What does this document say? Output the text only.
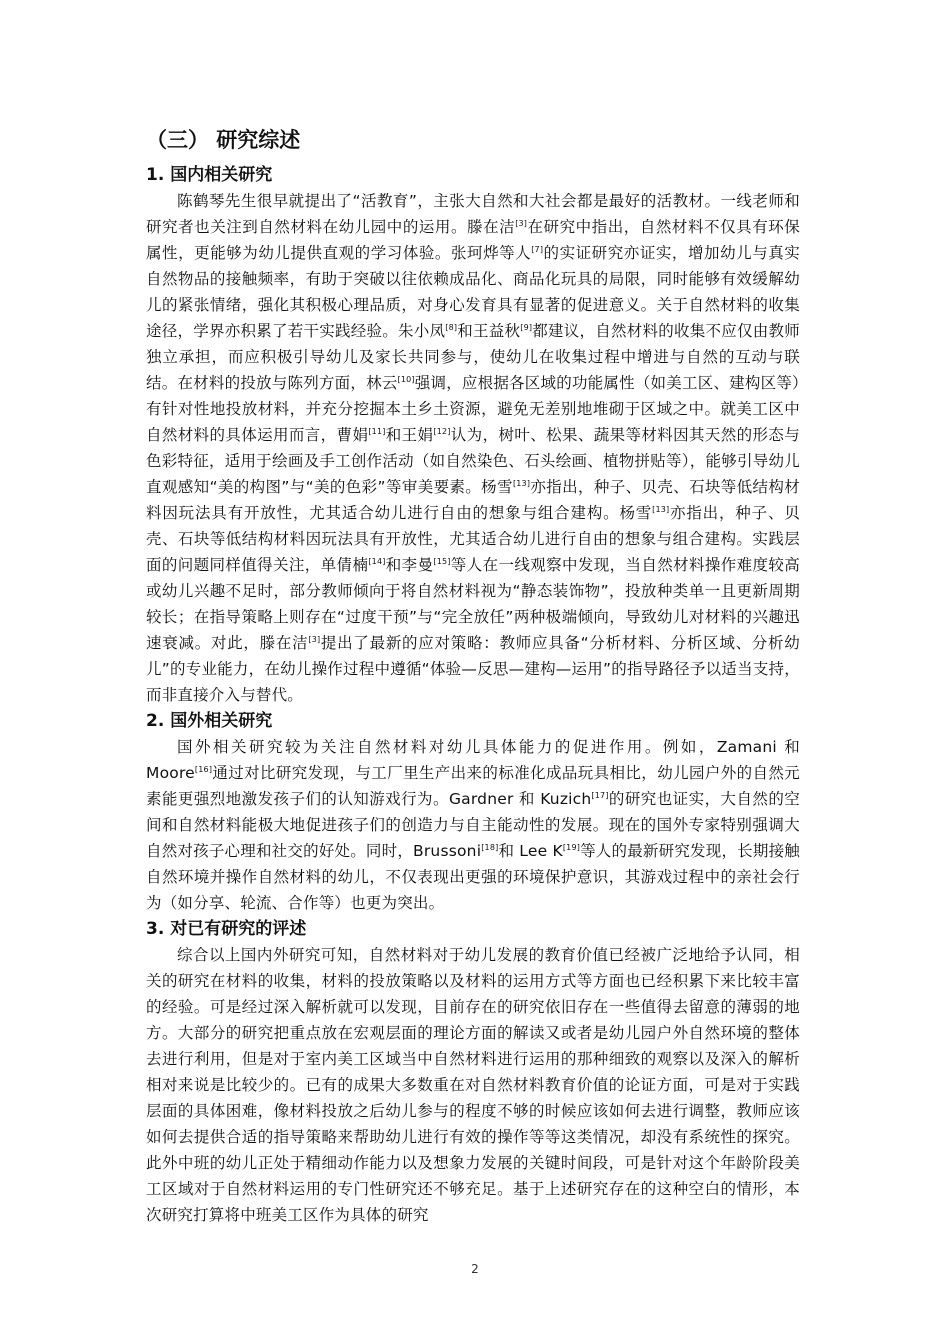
（三） 研究综述
1. 国内相关研究

陈鹤琴先生很早就提出了“活教育”，主张大自然和大社会都是最好的活教材。一线老师和研究者也关注到自然材料在幼儿园中的运用。滕在洁[3]在研究中指出，自然材料不仅具有环保属性，更能够为幼儿提供直观的学习体验。张珂烨等人[7]的实证研究亦证实，增加幼儿与真实自然物品的接触频率，有助于突破以往依赖成品化、商品化玩具的局限，同时能够有效缓解幼儿的紧张情绪，强化其积极心理品质，对身心发育具有显著的促进意义。关于自然材料的收集途径，学界亦积累了若干实践经验。朱小凤[8]和王益秋[9]都建议，自然材料的收集不应仅由教师独立承担，而应积极引导幼儿及家长共同参与，使幼儿在收集过程中增进与自然的互动与联结。在材料的投放与陈列方面，林云[10]强调，应根据各区域的功能属性（如美工区、建构区等）有针对性地投放材料，并充分挖掘本土乡土资源，避免无差别地堆砌于区域之中。就美工区中自然材料的具体运用而言，曹娟[11]和王娟[12]认为，树叶、松果、蔬果等材料因其天然的形态与色彩特征，适用于绘画及手工创作活动（如自然染色、石头绘画、植物拼贴等），能够引导幼儿直观感知“美的构图”与“美的色彩”等审美要素。杨雪[13]亦指出，种子、贝壳、石块等低结构材料因玩法具有开放性，尤其适合幼儿进行自由的想象与组合建构。杨雪[13]亦指出，种子、贝壳、石块等低结构材料因玩法具有开放性，尤其适合幼儿进行自由的想象与组合建构。实践层面的问题同样值得关注，单倩楠[14]和李曼[15]等人在一线观察中发现，当自然材料操作难度较高或幼儿兴趣不足时，部分教师倾向于将自然材料视为“静态装饰物”，投放种类单一且更新周期较长；在指导策略上则存在“过度干预”与“完全放任”两种极端倾向，导致幼儿对材料的兴趣迅速衰减。对此，滕在洁[3]提出了最新的应对策略：教师应具备“分析材料、分析区域、分析幼儿”的专业能力，在幼儿操作过程中遵循“体验—反思—建构—运用”的指导路径予以适当支持，而非直接介入与替代。

2. 国外相关研究

国外相关研究较为关注自然材料对幼儿具体能力的促进作用。例如，Zamani 和 Moore[16]通过对比研究发现，与工厂里生产出来的标准化成品玩具相比，幼儿园户外的自然元素能更强烈地激发孩子们的认知游戏行为。Gardner 和 Kuzich[17]的研究也证实，大自然的空间和自然材料能极大地促进孩子们的创造力与自主能动性的发展。现在的国外专家特别强调大自然对孩子心理和社交的好处。同时，Brussoni[18]和 Lee K[19]等人的最新研究发现，长期接触自然环境并操作自然材料的幼儿，不仅表现出更强的环境保护意识，其游戏过程中的亲社会行为（如分享、轮流、合作等）也更为突出。

3. 对已有研究的评述

综合以上国内外研究可知，自然材料对于幼儿发展的教育价值已经被广泛地给予认同，相关的研究在材料的收集，材料的投放策略以及材料的运用方式等方面也已经积累下来比较丰富的经验。可是经过深入解析就可以发现，目前存在的研究依旧存在一些值得去留意的薄弱的地方。大部分的研究把重点放在宏观层面的理论方面的解读又或者是幼儿园户外自然环境的整体去进行利用，但是对于室内美工区域当中自然材料进行运用的那种细致的观察以及深入的解析相对来说是比较少的。已有的成果大多数重在对自然材料教育价值的论证方面，可是对于实践层面的具体困难，像材料投放之后幼儿参与的程度不够的时候应该如何去进行调整，教师应该如何去提供合适的指导策略来帮助幼儿进行有效的操作等等这类情况，却没有系统性的探究。此外中班的幼儿正处于精细动作能力以及想象力发展的关键时间段，可是针对这个年龄阶段美工区域对于自然材料运用的专门性研究还不够充足。基于上述研究存在的这种空白的情形，本次研究打算将中班美工区作为具体的研究

2
